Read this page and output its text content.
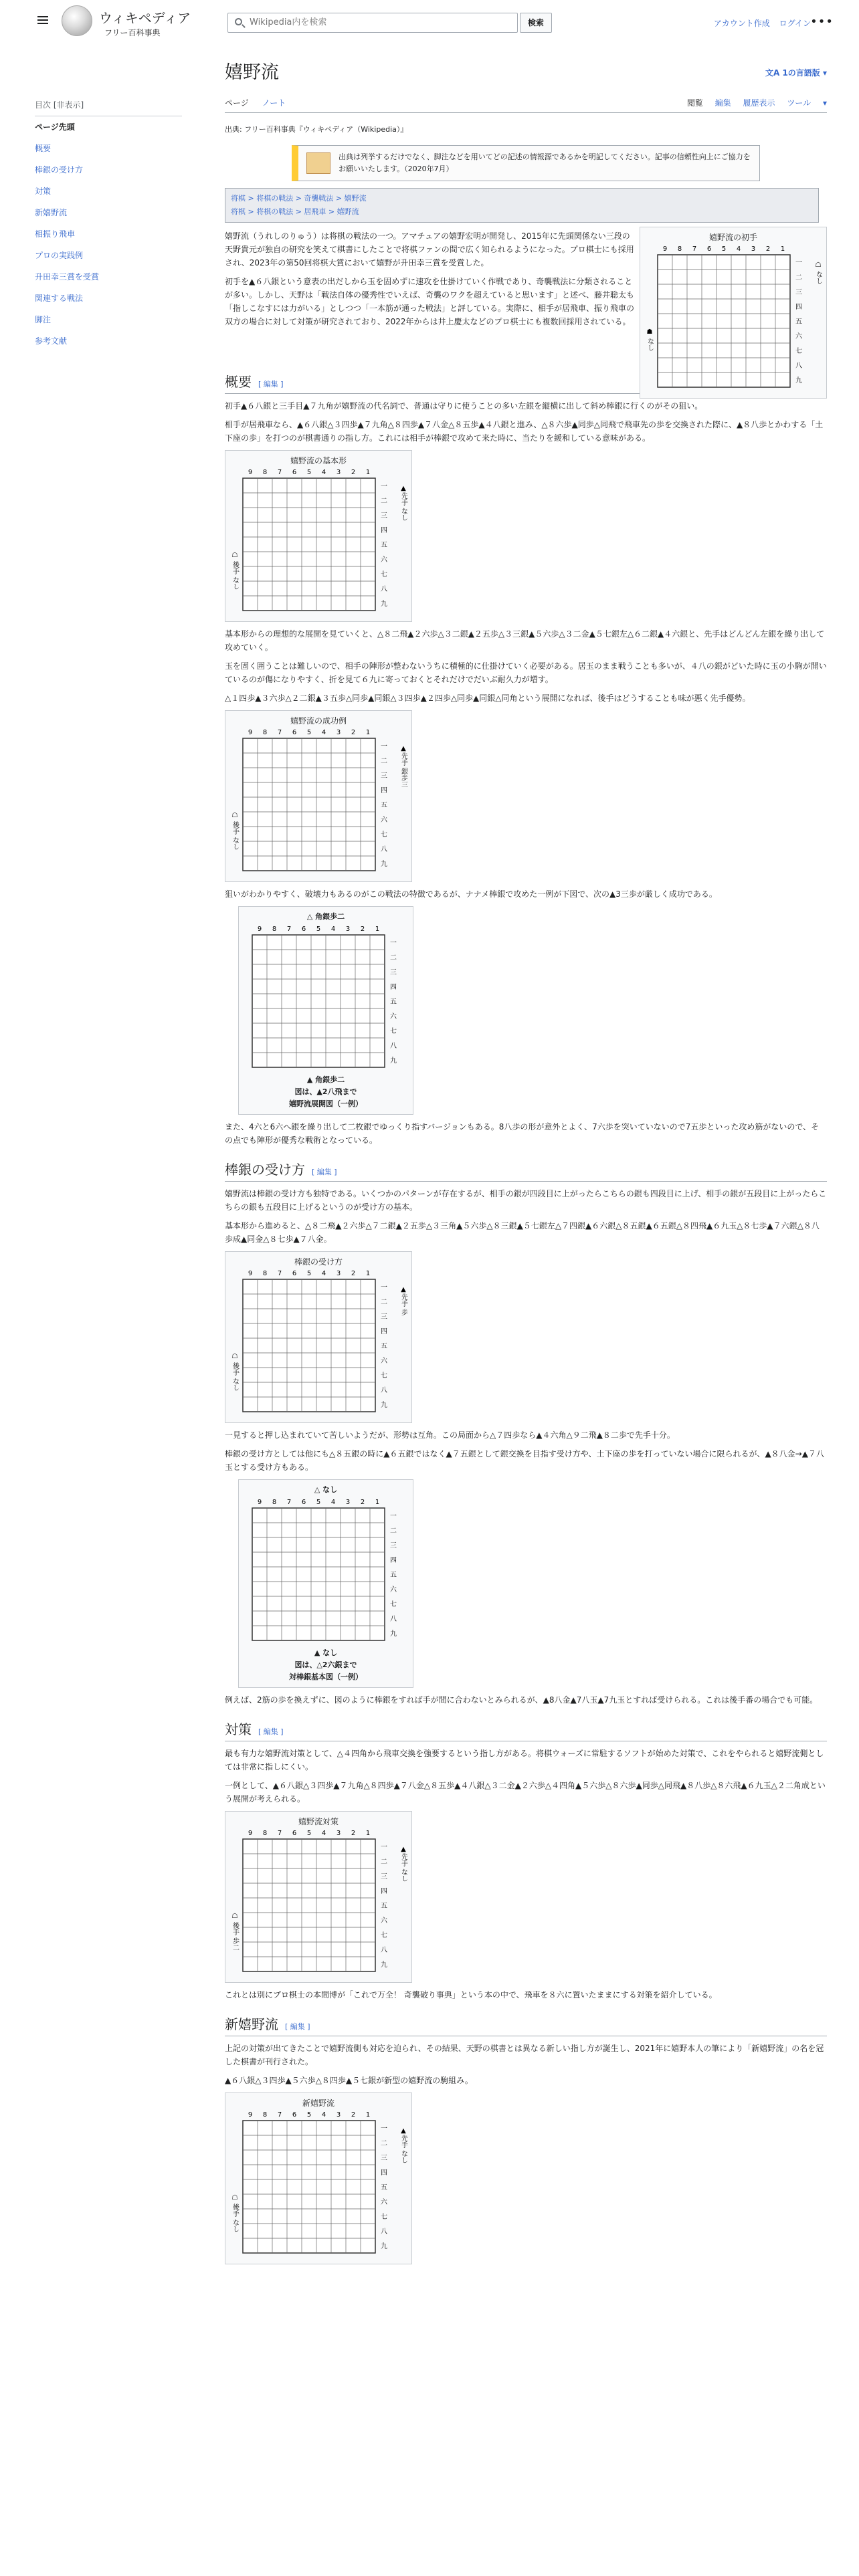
ウィキペディア
フリー百科事典
Wikipedia内を検索
検索	アカウント作成 ログイン •••
目次 [非表示]
ページ先頭
概要
棒銀の受け方
対策
新嬉野流
相振り飛車
プロの実践例
升田幸三賞を受賞
関連する戦法
脚注
参考文献
嬉野流	文A 1の言語版 ▾
ページ ノート	閲覧 編集 履歴表示 ツール ▾
出典: フリー百科事典『ウィキペディア（Wikipedia）』
出典は列挙するだけでなく、脚注などを用いてどの記述の情報源であるかを明記してください。記事の信頼性向上にご協力をお願いいたします。（2020年7月）
将棋 > 将棋の戦法 > 奇襲戦法 > 嬉野流
将棋 > 将棋の戦法 > 居飛車 > 嬉野流

嬉野流（うれしのりゅう）は将棋の戦法の一つ。アマチュアの嬉野宏明が開発し、2015年に先頭関係ない三段の天野貴元が独自の研究を笑えて棋書にしたことで将棋ファンの間で広く知られるようになった。プロ棋士にも採用され、2023年の第50回将棋大賞において嬉野が升田幸三賞を受賞した。

初手を▲６八銀という意表の出だしから玉を固めずに速攻を仕掛けていく作戦であり、奇襲戦法に分類されることが多い。しかし、天野は「戦法自体の優秀性でいえば、奇襲のワクを超えていると思います」と述べ、藤井聡太も「指しこなすには力がいる」としつつ「一本筋が通った戦法」と評している。実際に、相手が居飛車、振り飛車の双方の場合に対して対策が研究されており、2022年からは井上慶太などのプロ棋士にも複数回採用されている。

嬉野流の初手
9 8 7 6 5 4 3 2 1
一
二
三
四
五
六
七
八
九
☖ なし
☗ なし
概要 [ 編集 ]

初手▲６八銀と三手目▲７九角が嬉野流の代名詞で、普通は守りに使うことの多い左銀を縦横に出して斜め棒銀に行くのがその狙い。

相手が居飛車なら、▲６八銀△３四歩▲７九角△８四歩▲７八金△８五歩▲４八銀と進み、△８六歩▲同歩△同飛で飛車先の歩を交換された際に、▲８八歩とかわする「土下座の歩」を打つのが棋書通りの指し方。これには相手が棒銀で攻めて来た時に、当たりを緩和している意味がある。

嬉野流の基本形
9 8 7 6 5 4 3 2 1
一
二
三
四
五
六
七
八
九
▲先手 なし
☖ 後手 なし

基本形からの理想的な展開を見ていくと、△８二飛▲２六歩△３二銀▲２五歩△３三銀▲５六歩△３二金▲５七銀左△６二銀▲４六銀と、先手はどんどん左銀を繰り出して攻めていく。

玉を固く囲うことは難しいので、相手の陣形が整わないうちに積極的に仕掛けていく必要がある。居玉のまま戦うことも多いが、４八の銀がどいた時に玉の小駒が開いているのが傷になりやすく、折を見て６九に寄っておくとそれだけでだいぶ耐久力が増す。

△１四歩▲３六歩△２二銀▲３五歩△同歩▲同銀△３四歩▲２四歩△同歩▲同銀△同角という展開になれば、後手はどうすることも味が悪く先手優勢。

嬉野流の成功例
9 8 7 6 5 4 3 2 1
一
二
三
四
五
六
七
八
九
▲先手 銀歩三
☖ 後手 なし

狙いがわかりやすく、破壊力もあるのがこの戦法の特徴であるが、ナナメ棒銀で攻めた一例が下図で、次の▲3三歩が厳しく成功である。

△ 角銀歩二
9 8 7 6 5 4 3 2 1
一
二
三
四
五
六
七
八
九
▲ 角銀歩二
図は、▲2八飛まで
嬉野流展開図（一例）

また、4六と6六へ銀を繰り出して二枚銀でゆっくり指すバージョンもある。8八歩の形が意外とよく、7六歩を突いていないので7五歩といった攻め筋がないので、その点でも陣形が優秀な戦術となっている。

棒銀の受け方 [ 編集 ]

嬉野流は棒銀の受け方も独特である。いくつかのパターンが存在するが、相手の銀が四段目に上がったらこちらの銀も四段目に上げ、相手の銀が五段目に上がったらこちらの銀も五段目に上げるというのが受け方の基本。

基本形から進めると、△８二飛▲２六歩△７二銀▲２五歩△３三角▲５六歩△８三銀▲５七銀左△７四銀▲６六銀△８五銀▲６五銀△８四飛▲６九玉△８七歩▲７六銀△８八歩成▲同金△８七歩▲７八金。

棒銀の受け方
9 8 7 6 5 4 3 2 1
一
二
三
四
五
六
七
八
九
▲先手 歩
☖ 後手 なし

一見すると押し込まれていて苦しいようだが、形勢は互角。この局面から△７四歩なら▲４六角△９二飛▲８二歩で先手十分。

棒銀の受け方としては他にも△８五銀の時に▲６五銀ではなく▲７五銀として銀交換を目指す受け方や、土下座の歩を打っていない場合に限られるが、▲８八金→▲７八玉とする受け方もある。

△ なし
9 8 7 6 5 4 3 2 1
一
二
三
四
五
六
七
八
九
▲ なし
図は、△2六銀まで
対棒銀基本図（一例）

例えば、2筋の歩を換えずに、図のように棒銀をすれば手が間に合わないとみられるが、▲8八金▲7八玉▲7九玉とすれば受けられる。これは後手番の場合でも可能。

対策 [ 編集 ]

最も有力な嬉野流対策として、△４四角から飛車交換を強要するという指し方がある。将棋ウォーズに常駐するソフトが始めた対策で、これをやられると嬉野流側としては非常に指しにくい。

一例として、▲６八銀△３四歩▲７九角△８四歩▲７八金△８五歩▲４八銀△３二金▲２六歩△４四角▲５六歩△８六歩▲同歩△同飛▲８八歩△８六飛▲６九玉△２二角成という展開が考えられる。

嬉野流対策
9 8 7 6 5 4 3 2 1
一
二
三
四
五
六
七
八
九
▲先手 なし
☖ 後手 歩二

これとは別にプロ棋士の本間博が「これで万全！ 奇襲破り事典」という本の中で、飛車を８六に置いたままにする対策を紹介している。

新嬉野流 [ 編集 ]

上記の対策が出てきたことで嬉野流側も対応を迫られ、その結果、天野の棋書とは異なる新しい指し方が誕生し、2021年に嬉野本人の筆により「新嬉野流」の名を冠した棋書が刊行された。

▲６八銀△３四歩▲５六歩△８四歩▲５七銀が新型の嬉野流の駒組み。

新嬉野流
9 8 7 6 5 4 3 2 1
一
二
三
四
五
六
七
八
九
▲先手 なし
☖ 後手 なし
